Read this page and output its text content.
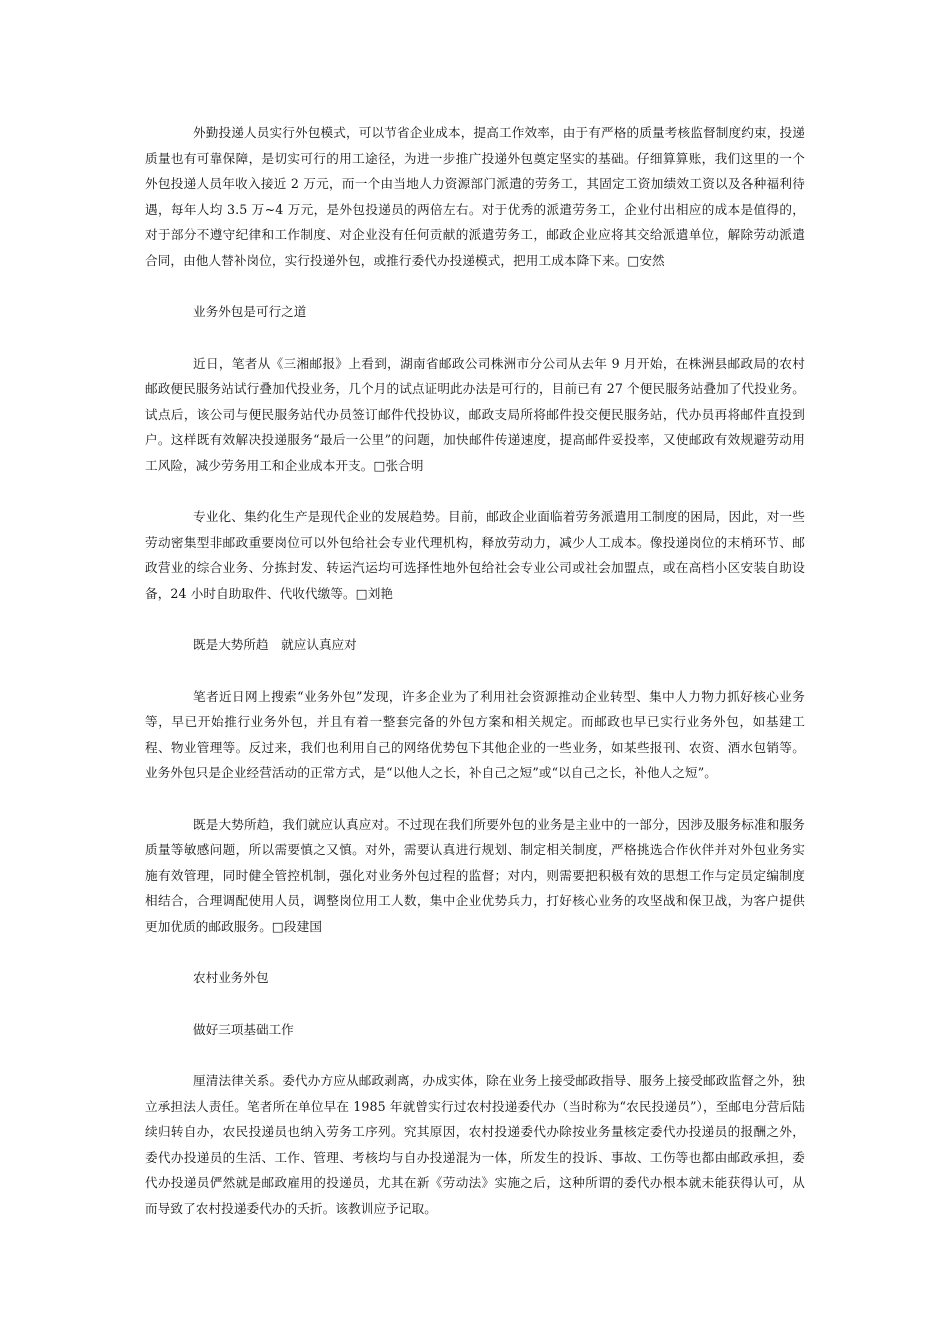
外勤投递人员实行外包模式，可以节省企业成本，提高工作效率，由于有严格的质量考核监督制度约束，投递质量也有可靠保障，是切实可行的用工途径，为进一步推广投递外包奠定坚实的基础。仔细算算账，我们这里的一个外包投递人员年收入接近 2 万元，而一个由当地人力资源部门派遣的劳务工，其固定工资加绩效工资以及各种福利待遇，每年人均 3.5 万~4 万元，是外包投递员的两倍左右。对于优秀的派遣劳务工，企业付出相应的成本是值得的，对于部分不遵守纪律和工作制度、对企业没有任何贡献的派遣劳务工，邮政企业应将其交给派遣单位，解除劳动派遣合同，由他人替补岗位，实行投递外包，或推行委代办投递模式，把用工成本降下来。□安然

业务外包是可行之道

近日，笔者从《三湘邮报》上看到，湖南省邮政公司株洲市分公司从去年 9 月开始，在株洲县邮政局的农村邮政便民服务站试行叠加代投业务，几个月的试点证明此办法是可行的，目前已有 27 个便民服务站叠加了代投业务。试点后，该公司与便民服务站代办员签订邮件代投协议，邮政支局所将邮件投交便民服务站，代办员再将邮件直投到户。这样既有效解决投递服务“最后一公里”的问题，加快邮件传递速度，提高邮件妥投率，又使邮政有效规避劳动用工风险，减少劳务用工和企业成本开支。□张合明

专业化、集约化生产是现代企业的发展趋势。目前，邮政企业面临着劳务派遣用工制度的困局，因此，对一些劳动密集型非邮政重要岗位可以外包给社会专业代理机构，释放劳动力，减少人工成本。像投递岗位的末梢环节、邮政营业的综合业务、分拣封发、转运汽运均可选择性地外包给社会专业公司或社会加盟点，或在高档小区安装自助设备，24 小时自助取件、代收代缴等。□刘艳

既是大势所趋　就应认真应对

笔者近日网上搜索“业务外包”发现，许多企业为了利用社会资源推动企业转型、集中人力物力抓好核心业务等，早已开始推行业务外包，并且有着一整套完备的外包方案和相关规定。而邮政也早已实行业务外包，如基建工程、物业管理等。反过来，我们也利用自己的网络优势包下其他企业的一些业务，如某些报刊、农资、酒水包销等。业务外包只是企业经营活动的正常方式，是“以他人之长，补自己之短”或“以自己之长，补他人之短”。

既是大势所趋，我们就应认真应对。不过现在我们所要外包的业务是主业中的一部分，因涉及服务标准和服务质量等敏感问题，所以需要慎之又慎。对外，需要认真进行规划、制定相关制度，严格挑选合作伙伴并对外包业务实施有效管理，同时健全管控机制，强化对业务外包过程的监督；对内，则需要把积极有效的思想工作与定员定编制度相结合，合理调配使用人员，调整岗位用工人数，集中企业优势兵力，打好核心业务的攻坚战和保卫战，为客户提供更加优质的邮政服务。□段建国

农村业务外包

做好三项基础工作

厘清法律关系。委代办方应从邮政剥离，办成实体，除在业务上接受邮政指导、服务上接受邮政监督之外，独立承担法人责任。笔者所在单位早在 1985 年就曾实行过农村投递委代办（当时称为“农民投递员”），至邮电分营后陆续归转自办，农民投递员也纳入劳务工序列。究其原因，农村投递委代办除按业务量核定委代办投递员的报酬之外，委代办投递员的生活、工作、管理、考核均与自办投递混为一体，所发生的投诉、事故、工伤等也都由邮政承担，委代办投递员俨然就是邮政雇用的投递员，尤其在新《劳动法》实施之后，这种所谓的委代办根本就未能获得认可，从而导致了农村投递委代办的夭折。该教训应予记取。
